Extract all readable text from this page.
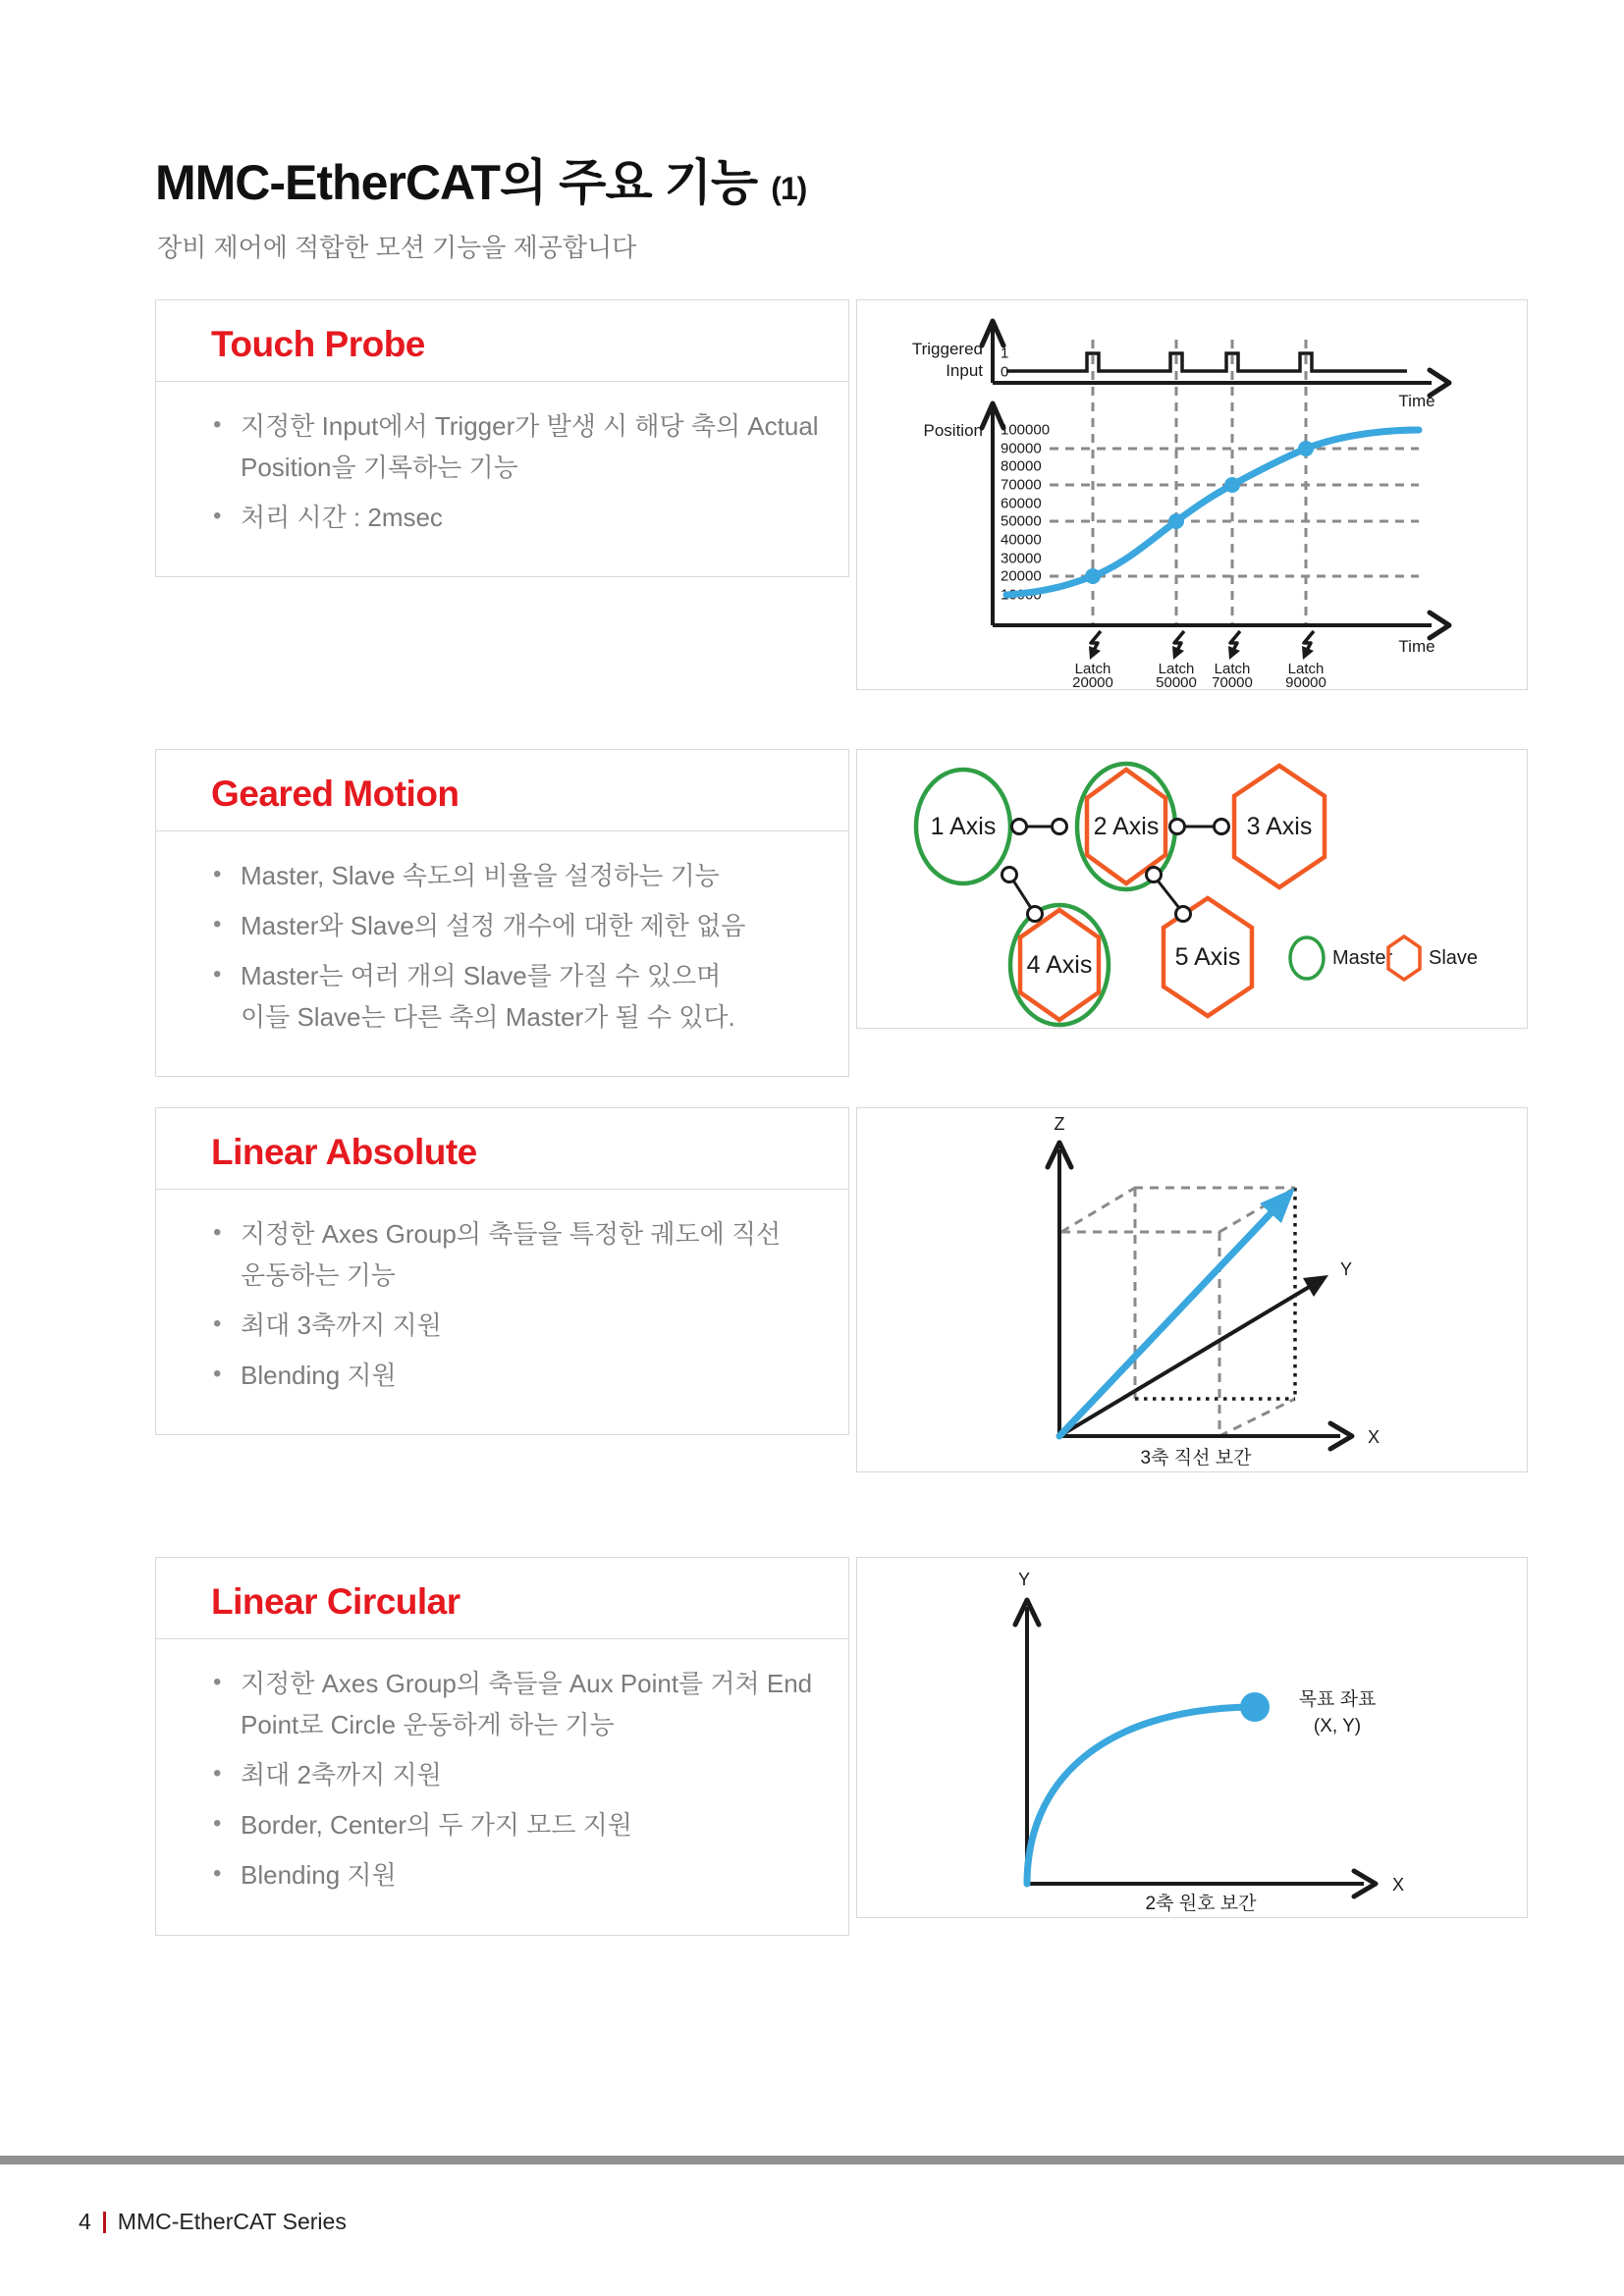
MMC-EtherCAT의 주요 기능 (1)
장비 제어에 적합한 모션 기능을 제공합니다
Touch Probe
• 지정한 Input에서 Trigger가 발생 시 해당 축의 Actual
Position을 기록하는 기능
• 처리 시간 : 2msec
Triggered
Input
1
0
Time
Position 100000
90000
80000
70000
60000
50000
40000
30000
20000
10000
Time
Latch
20000
Latch
50000
Latch
70000
Latch
90000
Geared Motion
• Master, Slave 속도의 비율을 설정하는 기능
• Master와 Slave의 설정 개수에 대한 제한 없음
• Master는 여러 개의 Slave를 가질 수 있으며
이들 Slave는 다른 축의 Master가 될 수 있다.
1 Axis	2 Axis	3 Axis
4 Axis	5 Axis	Master Slave
Linear Absolute
• 지정한 Axes Group의 축들을 특정한 궤도에 직선
운동하는 기능
• 최대 3축까지 지원
• Blending 지원
Z
X
Y
3축 직선 보간
Linear Circular
• 지정한 Axes Group의 축들을 Aux Point를 거쳐 End
Point로 Circle 운동하게 하는 기능
• 최대 2축까지 지원
• Border, Center의 두 가지 모드 지원
• Blending 지원
Y
X
목표 좌표
(X, Y)
2축 원호 보간
4 MMC-EtherCAT Series
